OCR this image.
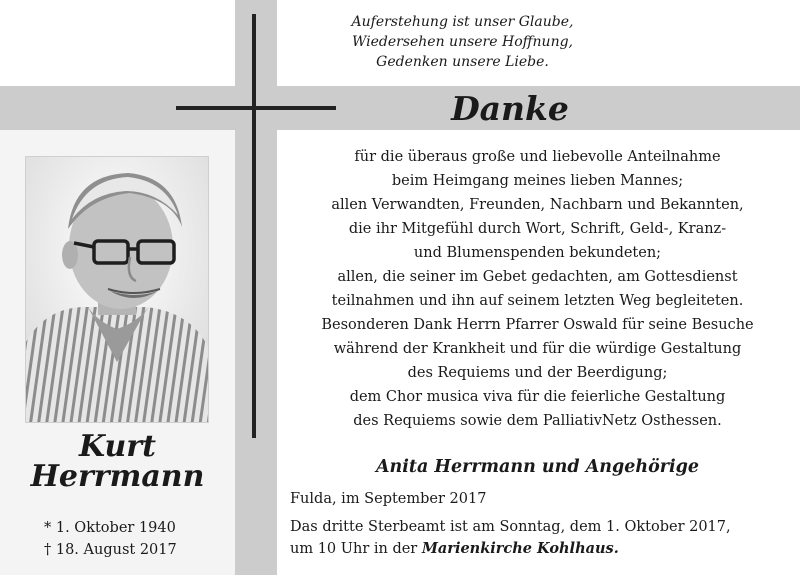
Auferstehung ist unser Glaube,
Wiedersehen unsere Hoffnung,
Gedenken unsere Liebe.
Danke
für die überaus große und liebevolle Anteilnahme
beim Heimgang meines lieben Mannes;
allen Verwandten, Freunden, Nachbarn und Bekannten,
die ihr Mitgefühl durch Wort, Schrift, Geld-, Kranz-
und Blumenspenden bekundeten;
allen, die seiner im Gebet gedachten, am Gottesdienst
teilnahmen und ihn auf seinem letzten Weg begleiteten.
Besonderen Dank Herrn Pfarrer Oswald für seine Besuche
während der Krankheit und für die würdige Gestaltung
des Requiems und der Beerdigung;
dem Chor musica viva für die feierliche Gestaltung
des Requiems sowie dem PalliativNetz Osthessen.
Anita Herrmann und Angehörige
Fulda, im September 2017
Das dritte Sterbeamt ist am Sonntag, dem 1. Oktober 2017,
um 10 Uhr in der Marienkirche Kohlhaus.
Kurt
Herrmann
* 1. Oktober 1940
† 18. August 2017
